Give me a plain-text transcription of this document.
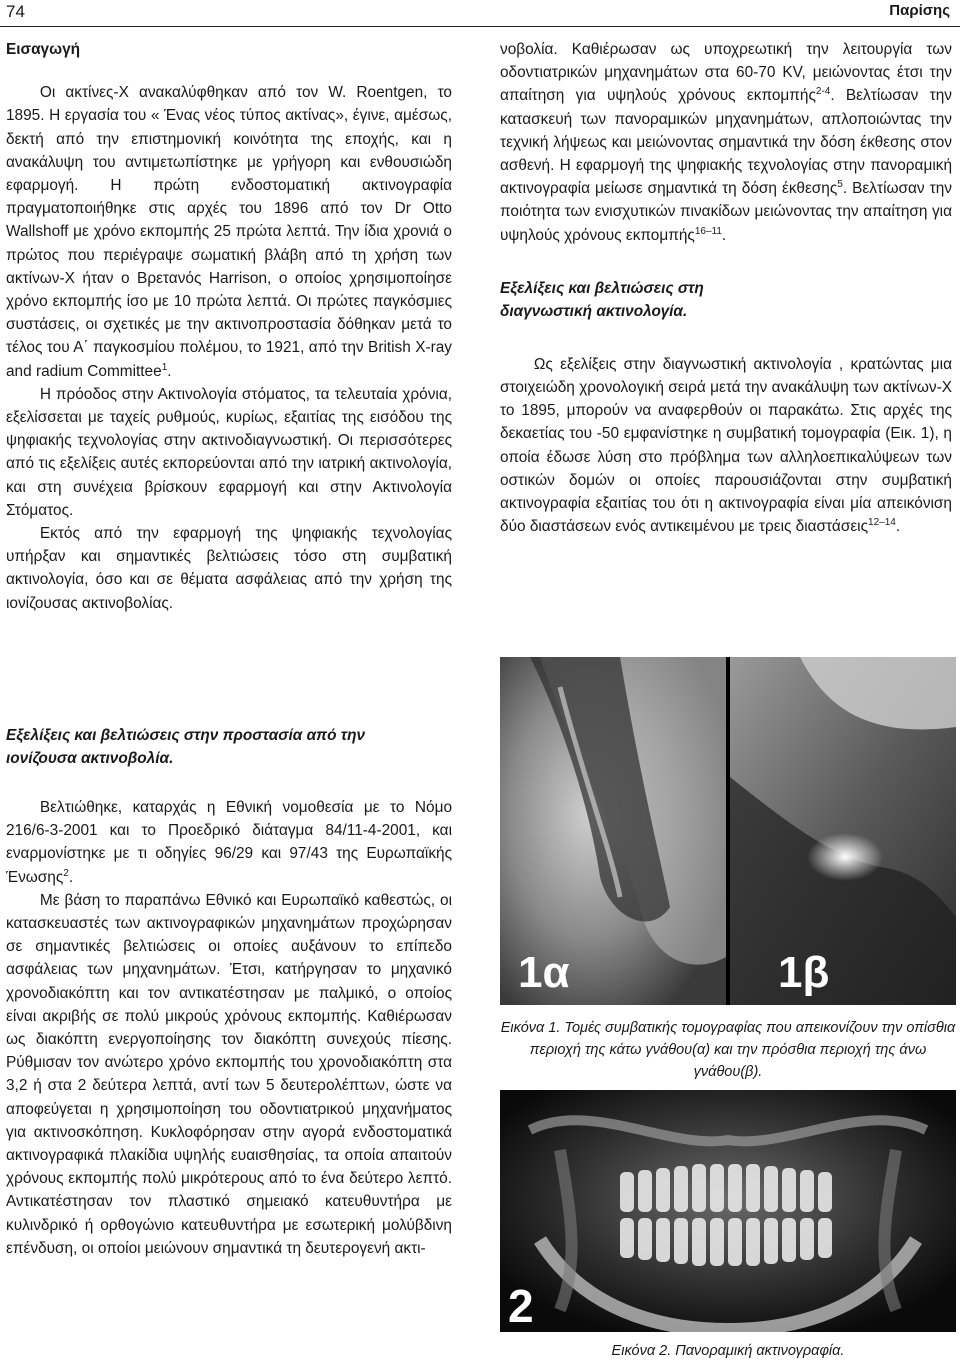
74	Παρίσης
Εισαγωγή

Οι ακτίνες-Χ ανακαλύφθηκαν από τον W. Roentgen, το 1895. Η εργασία του « Ένας νέος τύπος ακτίνας», έγινε, αμέσως, δεκτή από την επιστημονική κοινότητα της εποχής, και η ανακάλυψη του αντιμετωπίστηκε με γρήγορη και ενθουσιώδη εφαρμογή. Η πρώτη ενδοστοματική ακτινογραφία πραγματοποιήθηκε στις αρχές του 1896 από τον Dr Otto Wallshoff με χρόνο εκπομπής 25 πρώτα λεπτά. Την ίδια χρονιά ο πρώτος που περιέγραψε σωματική βλάβη από τη χρήση των ακτίνων-Χ ήταν ο Βρετανός Harrison, ο οποίος χρησιμοποίησε χρόνο εκπομπής ίσο με 10 πρώτα λεπτά. Οι πρώτες παγκόσμιες συστάσεις, οι σχετικές με την ακτινοπροστασία δόθηκαν μετά το τέλος του Α΄ παγκοσμίου πολέμου, το 1921, από την British X-ray and radium Committee$^1$.

Η πρόοδος στην Ακτινολογία στόματος, τα τελευταία χρόνια, εξελίσσεται με ταχείς ρυθμούς, κυρίως, εξαιτίας της εισόδου της ψηφιακής τεχνολογίας στην ακτινοδιαγνωστική. Οι περισσότερες από τις εξελίξεις αυτές εκπορεύονται από την ιατρική ακτινολογία, και στη συνέχεια βρίσκουν εφαρμογή και στην Ακτινολογία Στόματος.

Εκτός από την εφαρμογή της ψηφιακής τεχνολογίας υπήρξαν και σημαντικές βελτιώσεις τόσο στη συμβατική ακτινολογία, όσο και σε θέματα ασφάλειας από την χρήση της ιονίζουσας ακτινοβολίας.

Εξελίξεις και βελτιώσεις στην προστασία από την ιονίζουσα ακτινοβολία.

Βελτιώθηκε, καταρχάς η Εθνική νομοθεσία με το Νόμο 216/6-3-2001 και το Προεδρικό διάταγμα 84/11-4-2001, και εναρμονίστηκε με τι οδηγίες 96/29 και 97/43 της Ευρωπαϊκής Ένωσης$^2$.

Με βάση το παραπάνω Εθνικό και Ευρωπαϊκό καθεστώς, οι κατασκευαστές των ακτινογραφικών μηχανημάτων προχώρησαν σε σημαντικές βελτιώσεις οι οποίες αυξάνουν το επίπεδο ασφάλειας των μηχανημάτων. Έτσι, κατήργησαν το μηχανικό χρονοδιακόπτη και τον αντικατέστησαν με παλμικό, ο οποίος είναι ακριβής σε πολύ μικρούς χρόνους εκπομπής. Καθιέρωσαν ως διακόπτη ενεργοποίησης τον διακόπτη συνεχούς πίεσης. Ρύθμισαν τον ανώτερο χρόνο εκπομπής του χρονοδιακόπτη στα 3,2 ή στα 2 δεύτερα λεπτά, αντί των 5 δευτερολέπτων, ώστε να αποφεύγεται η χρησιμοποίηση του οδοντιατρικού μηχανήματος για ακτινοσκόπηση. Κυκλοφόρησαν στην αγορά ενδοστοματικά ακτινογραφικά πλακίδια υψηλής ευαισθησίας, τα οποία απαιτούν χρόνους εκπομπής πολύ μικρότερους από το ένα δεύτερο λεπτό. Αντικατέστησαν τον πλαστικό σημειακό κατευθυντήρα με κυλινδρικό ή ορθογώνιο κατευθυντήρα με εσωτερική μολύβδινη επένδυση, οι οποίοι μειώνουν σημαντικά τη δευτερογενή ακτι-

νοβολία. Καθιέρωσαν ως υποχρεωτική την λειτουργία των οδοντιατρικών μηχανημάτων στα 60-70 KV, μειώνοντας έτσι την απαίτηση για υψηλούς χρόνους εκπομπής$^{2-4}$. Βελτίωσαν την κατασκευή των πανοραμικών μηχανημάτων, απλοποιώντας την τεχνική λήψεως και μειώνοντας σημαντικά την δόση έκθεσης στον ασθενή. Η εφαρμογή της ψηφιακής τεχνολογίας στην πανοραμική ακτινογραφία μείωσε σημαντικά τη δόση έκθεσης$^5$. Βελτίωσαν την ποιότητα των ενισχυτικών πινακίδων μειώνοντας την απαίτηση για υψηλούς χρόνους εκπομπής$^{16-11}$.

Εξελίξεις και βελτιώσεις στη διαγνωστική ακτινολογία.

Ως εξελίξεις στην διαγνωστική ακτινολογία , κρατώντας μια στοιχειώδη χρονολογική σειρά μετά την ανακάλυψη των ακτίνων-Χ το 1895, μπορούν να αναφερθούν οι παρακάτω. Στις αρχές της δεκαετίας του -50 εμφανίστηκε η συμβατική τομογραφία (Εικ. 1), η οποία έδωσε λύση στο πρόβλημα των αλληλοεπικαλύψεων των οστικών δομών οι οποίες παρουσιάζονται στην συμβατική ακτινογραφία εξαιτίας του ότι η ακτινογραφία είναι μία απεικόνιση δύο διαστάσεων ενός αντικειμένου με τρεις διαστάσεις$^{12-14}$.

1α	1β
Εικόνα 1. Τομές συμβατικής τομογραφίας που απεικονίζουν την οπίσθια περιοχή της κάτω γνάθου(α) και την πρόσθια περιοχή της άνω γνάθου(β).
2
Εικόνα 2. Πανοραμική ακτινογραφία.
